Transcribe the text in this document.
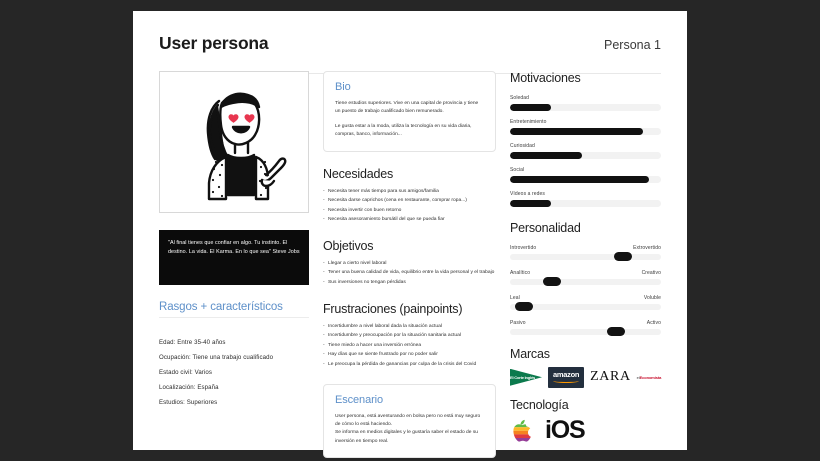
User persona	Persona 1
"Al final tienes que confiar en algo. Tu instinto. El destino. La vida. El Karma. En lo que sea" Steve Jobs
Rasgos + característicos
Edad: Entre 35-40 años
Ocupación: Tiene una trabajo cualificado
Estado civil: Varios
Localización: España
Estudios: Superiores
Bio
Tiene estudios superiores. Vive en una capital de provincia y tiene un puesto de trabajo cualificado bien remunerado.
Le gusta estar a la moda, utiliza la tecnología en su vida diaria, compras, banco, información...
Necesidades
- Necesita tener más tiempo para sus amigos/familia
- Necesita darse caprichos (cena en restaurante, comprar ropa...)
- Necesita invertir con buen retorno
- Necesita asesoramiento bursátil del que se pueda fiar
Objetivos
- Llegar a cierto nivel laboral
- Tener una buena calidad de vida, equilibrio entre la vida personal y el trabajo
- Sus inversiones no tengan pérdidas
Frustraciones (painpoints)
- Incertidumbre a nivel laboral dada la situación actual
- Incertidumbre y preocupación por la situación sanitaria actual
- Tiene miedo a hacer una inversión errónea
- Hay días que se siente frustrado por no poder salir
- Le preocupa la pérdida de ganancias por culpa de la crisis del Covid
Escenario
User persona, está aventurando en bolsa pero no está muy seguro de cómo lo está haciendo.
Se informa en medios digitales y le gustaría saber el estado de su inversión en tiempo real.
Motivaciones
Soledad
Entretenimiento
Curiosidad
Social
Vídeos a redes
Personalidad
Introvertido	Extrovertido
Analítico	Creativo
Leal	Voluble
Pasivo	Activo
Marcas
El Corte Inglés amazon ZARA elEconomista
Tecnología
iOS
